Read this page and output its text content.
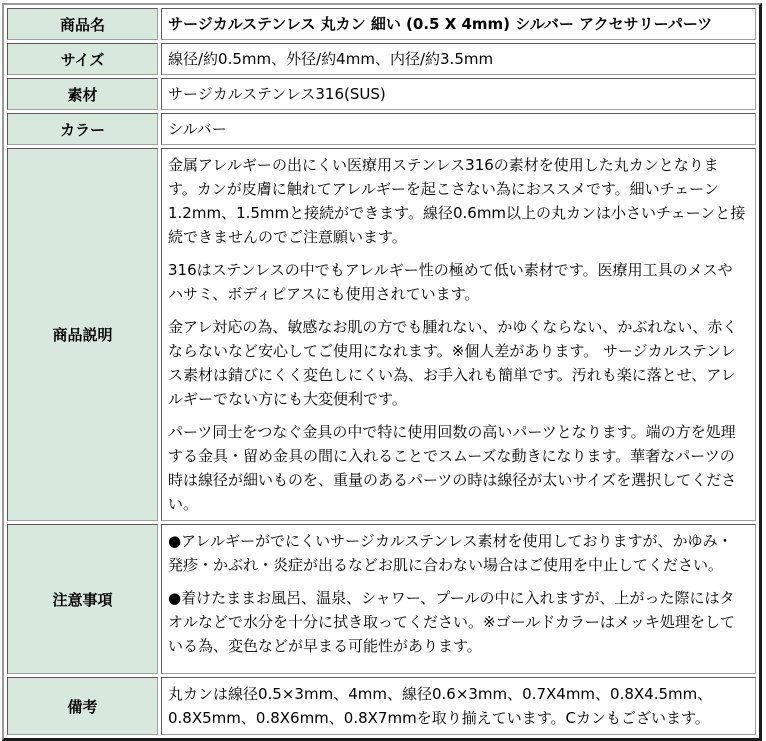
商品名	サージカルステンレス 丸カン 細い (0.5 X 4mm) シルバー アクセサリーパーツ
サイズ	線径/約0.5mm、外径/約4mm、内径/約3.5mm
素材	サージカルステンレス316(SUS)
カラー	シルバー
商品説明	金属アレルギーの出にくい医療用ステンレス316の素材を使用した丸カンとなります。カンが皮膚に触れてアレルギーを起こさない為におススメです。細いチェーン1.2mm、1.5mmと接続ができます。線径0.6mm以上の丸カンは小さいチェーンと接続できませんのでご注意願います。

316はステンレスの中でもアレルギー性の極めて低い素材です。医療用工具のメスやハサミ、ボディピアスにも使用されています。

金アレ対応の為、敏感なお肌の方でも腫れない、かゆくならない、かぶれない、赤くならないなど安心してご使用になれます。※個人差があります。 サージカルステンレス素材は錆びにくく変色しにくい為、お手入れも簡単です。汚れも楽に落とせ、アレルギーでない方にも大変便利です。

パーツ同士をつなぐ金具の中で特に使用回数の高いパーツとなります。端の方を処理する金具・留め金具の間に入れることでスムーズな動きになります。華奢なパーツの時は線径が細いものを、重量のあるパーツの時は線径が太いサイズを選択してください。

注意事項	●アレルギーがでにくいサージカルステンレス素材を使用しておりますが、かゆみ・発疹・かぶれ・炎症が出るなどお肌に合わない場合はご使用を中止してください。

●着けたままお風呂、温泉、シャワー、プールの中に入れますが、上がった際にはタオルなどで水分を十分に拭き取ってください。※ゴールドカラーはメッキ処理をしている為、変色などが早まる可能性があります。

備考	丸カンは線径0.5×3mm、4mm、線径0.6×3mm、0.7X4mm、0.8X4.5mm、0.8X5mm、0.8X6mm、0.8X7mmを取り揃えています。Cカンもございます。
